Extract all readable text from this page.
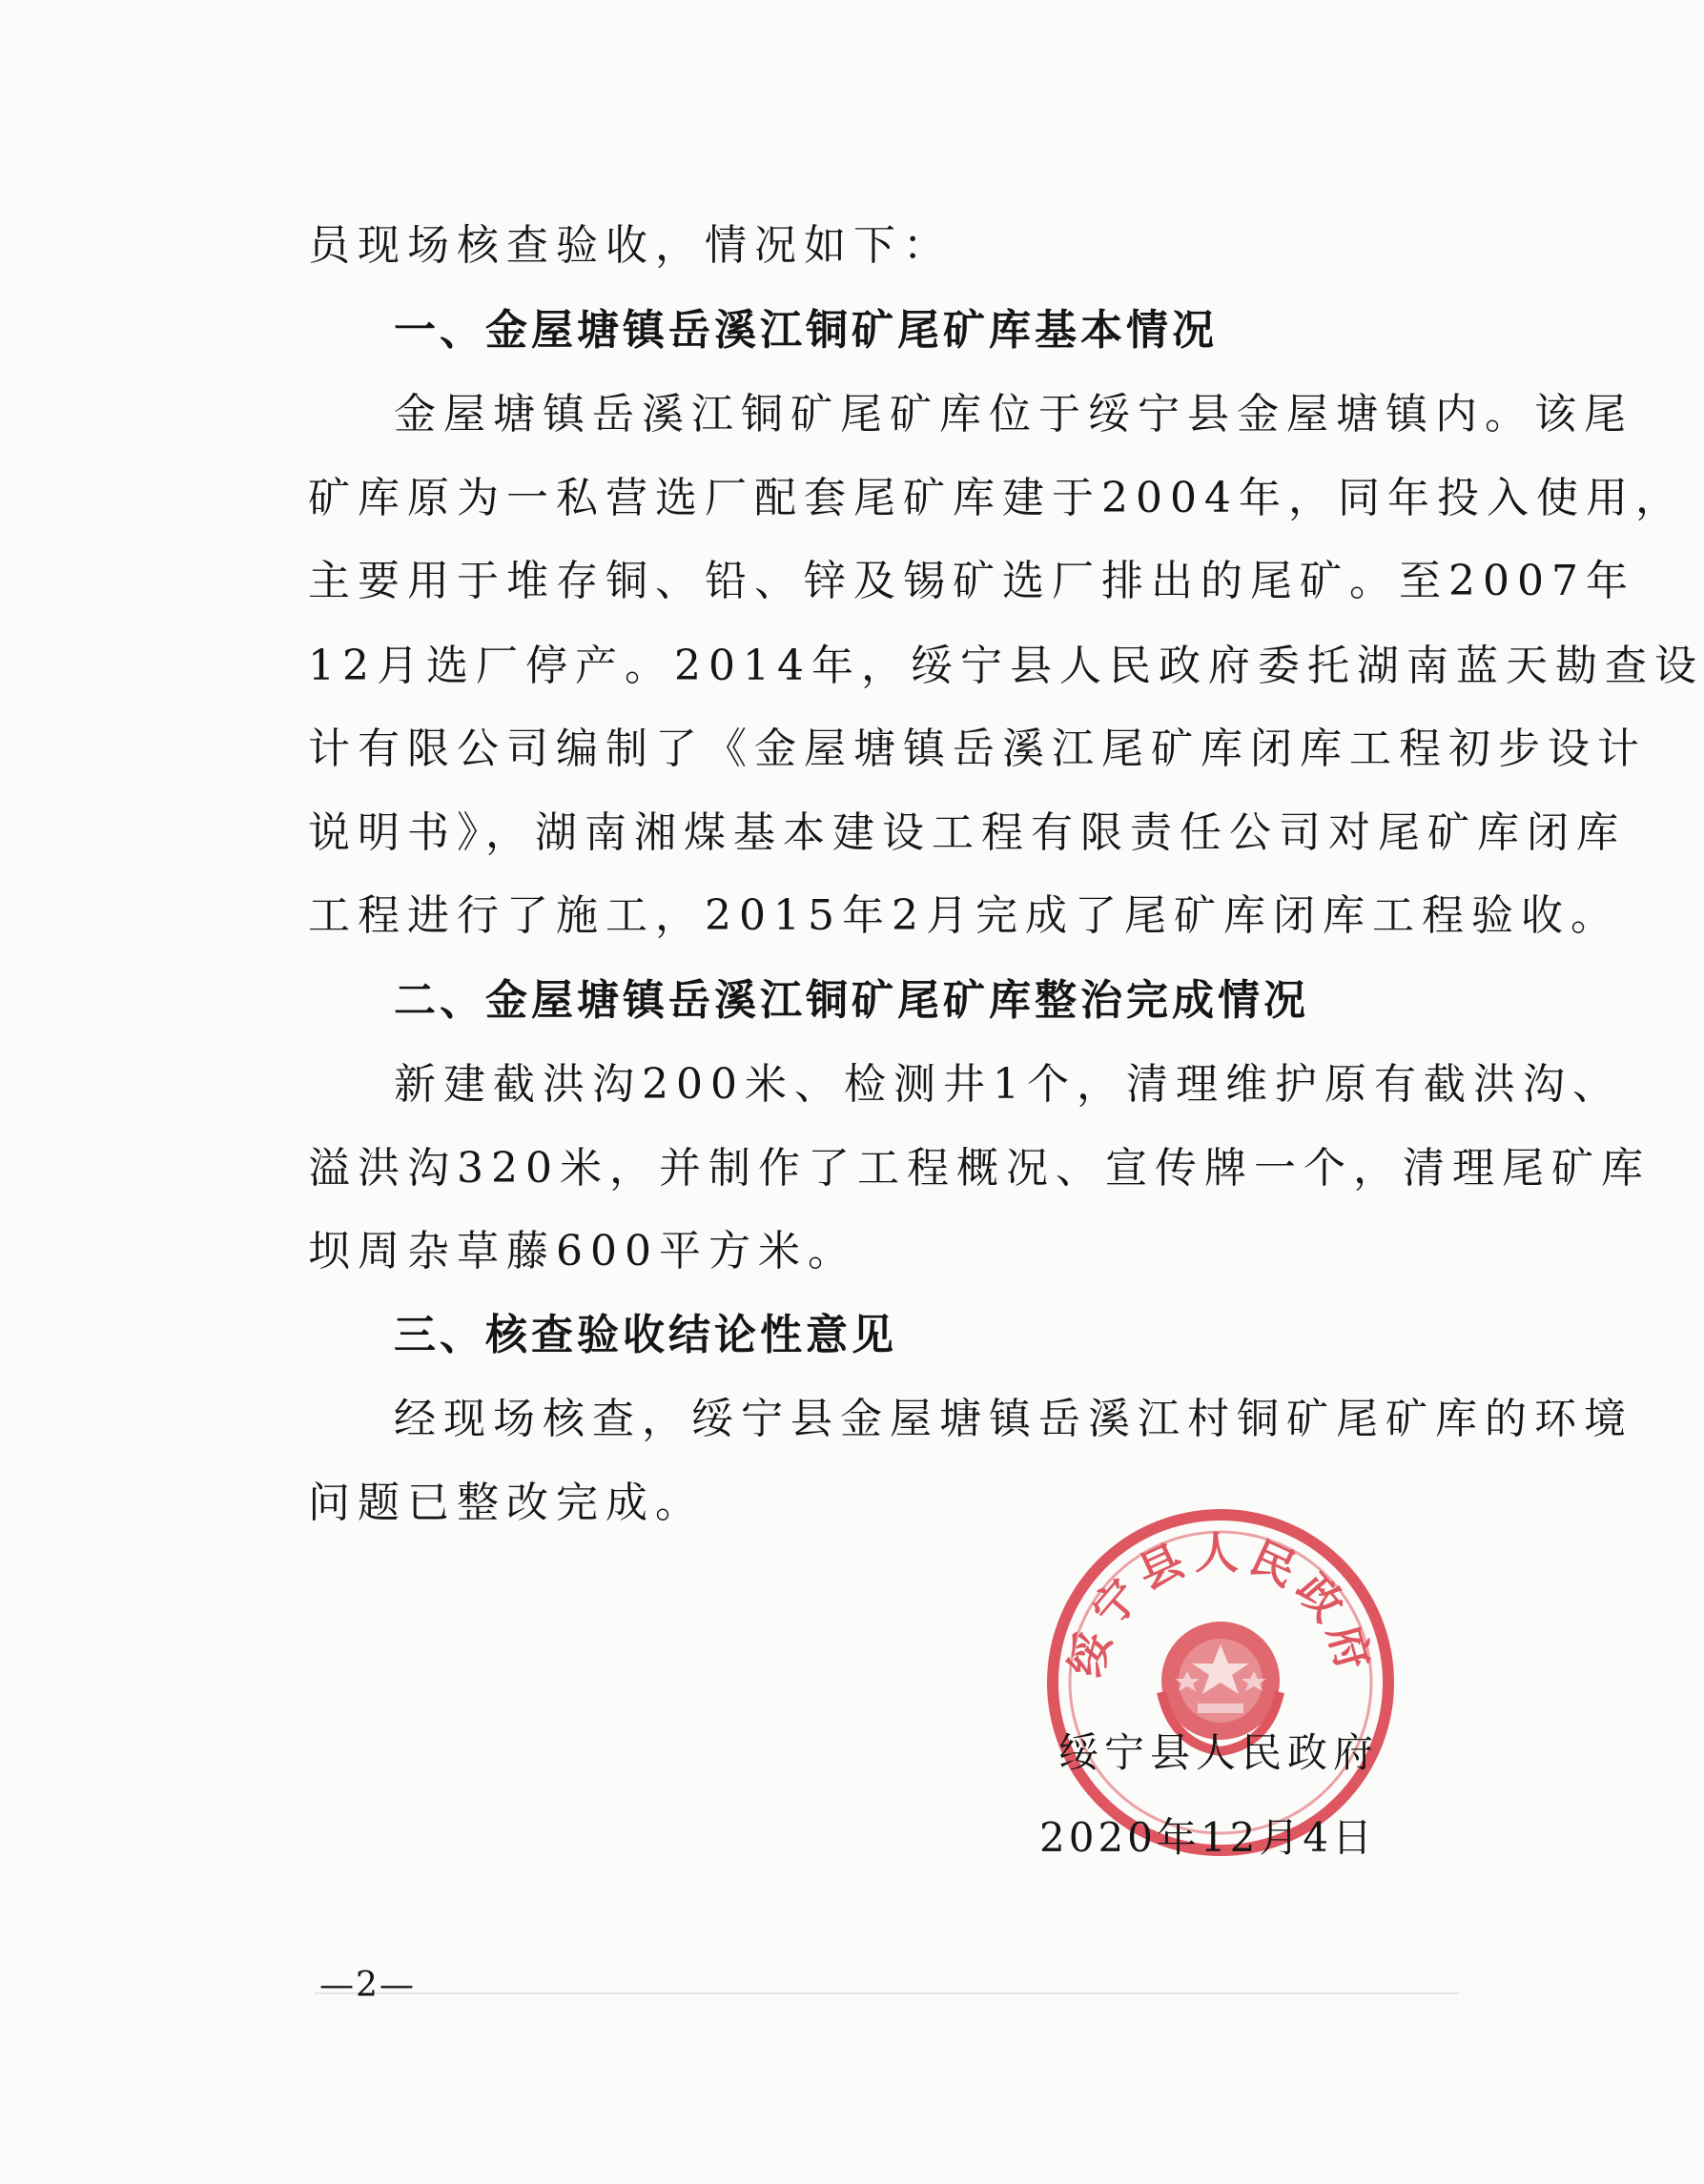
员现场核查验收，情况如下：
一、金屋塘镇岳溪江铜矿尾矿库基本情况
金屋塘镇岳溪江铜矿尾矿库位于绥宁县金屋塘镇内。该尾
矿库原为一私营选厂配套尾矿库建于2004年，同年投入使用，
主要用于堆存铜、铅、锌及锡矿选厂排出的尾矿。至2007年
12月选厂停产。2014年，绥宁县人民政府委托湖南蓝天勘查设
计有限公司编制了《金屋塘镇岳溪江尾矿库闭库工程初步设计
说明书》，湖南湘煤基本建设工程有限责任公司对尾矿库闭库
工程进行了施工，2015年2月完成了尾矿库闭库工程验收。
二、金屋塘镇岳溪江铜矿尾矿库整治完成情况
新建截洪沟200米、检测井1个，清理维护原有截洪沟、
溢洪沟320米，并制作了工程概况、宣传牌一个，清理尾矿库
坝周杂草藤600平方米。
三、核查验收结论性意见
经现场核查，绥宁县金屋塘镇岳溪江村铜矿尾矿库的环境
问题已整改完成。
绥宁县人民政府
绥宁县人民政府
2020年12月4日
—2—
